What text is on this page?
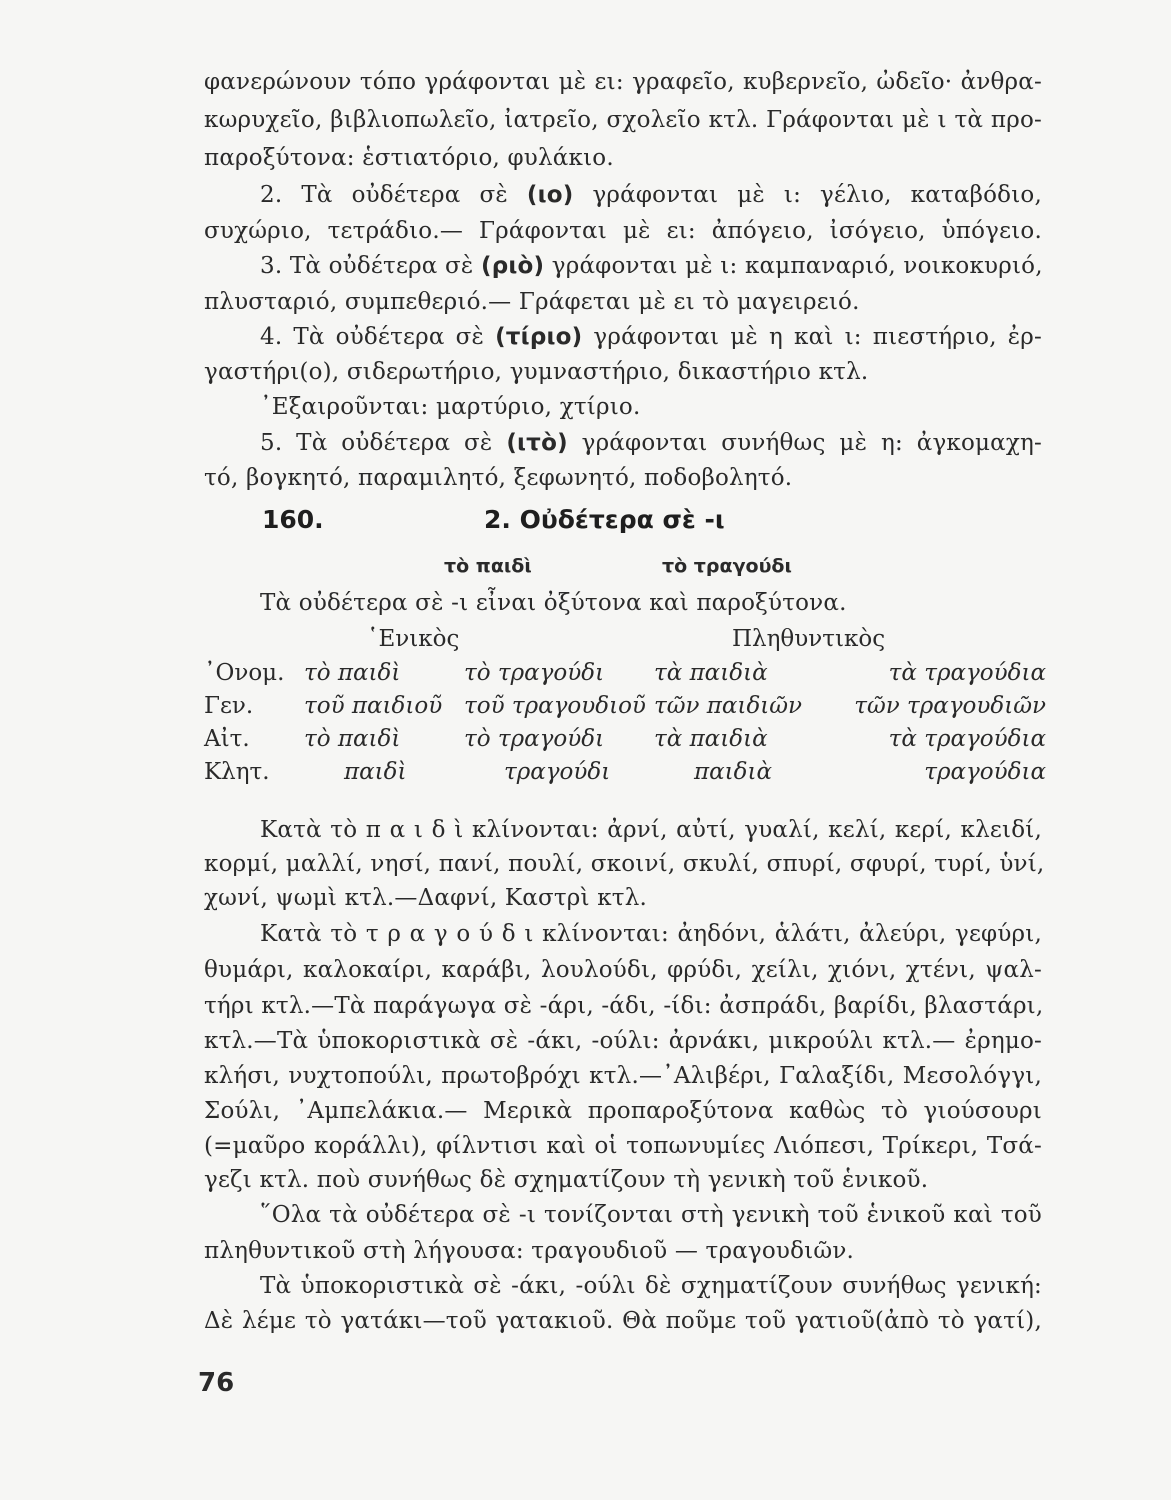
φανερώνουν τόπο γράφονται μὲ ει: γραφεῖο, κυβερνεῖο, ὠδεῖο· ἀνθρα-
κωρυχεῖο, βιβλιοπωλεῖο, ἰατρεῖο, σχολεῖο κτλ. Γράφονται μὲ ι τὰ προ-
παροξύτονα: ἑστιατόριο, φυλάκιο.
2. Τὰ οὐδέτερα σὲ (ιο) γράφονται μὲ ι: γέλιο, καταβόδιο,
συχώριο, τετράδιο.— Γράφονται μὲ ει: ἀπόγειο, ἰσόγειο, ὑπόγειο.
3. Τὰ οὐδέτερα σὲ (ριὸ) γράφονται μὲ ι: καμπαναριό, νοικοκυριό,
πλυσταριό, συμπεθεριό.— Γράφεται μὲ ει τὸ μαγειρειό.
4. Τὰ οὐδέτερα σὲ (τίριο) γράφονται μὲ η καὶ ι: πιεστήριο, ἐρ-
γαστήρι(ο), σιδερωτήριο, γυμναστήριο, δικαστήριο κτλ.
᾿Εξαιροῦνται: μαρτύριο, χτίριο.
5. Τὰ οὐδέτερα σὲ (ιτὸ) γράφονται συνήθως μὲ η: ἀγκομαχη-
τό, βογκητό, παραμιλητό, ξεφωνητό, ποδοβολητό.
160.	2. Οὐδέτερα σὲ -ι
τὸ παιδὶ	τὸ τραγούδι
Τὰ οὐδέτερα σὲ -ι εἶναι ὀξύτονα καὶ παροξύτονα.
῾Ενικὸς	Πληθυντικὸς
᾿Ονομ.	τὸ παιδὶ	τὸ τραγούδι	τὰ παιδιὰ	τὰ τραγούδια
Γεν.	τοῦ παιδιοῦ	τοῦ τραγουδιοῦ	τῶν παιδιῶν	τῶν τραγουδιῶν
Αἰτ.	τὸ παιδὶ	τὸ τραγούδι	τὰ παιδιὰ	τὰ τραγούδια
Κλητ.	παιδὶ	τραγούδι	παιδιὰ	τραγούδια
Κατὰ τὸ π α ι δ ὶ κλίνονται: ἀρνί, αὐτί, γυαλί, κελί, κερί, κλειδί,
κορμί, μαλλί, νησί, πανί, πουλί, σκοινί, σκυλί, σπυρί, σφυρί, τυρί, ὑνί,
χωνί, ψωμὶ κτλ.—Δαφνί, Καστρὶ κτλ.
Κατὰ τὸ τ ρ α γ ο ύ δ ι κλίνονται: ἀηδόνι, ἁλάτι, ἀλεύρι, γεφύρι,
θυμάρι, καλοκαίρι, καράβι, λουλούδι, φρύδι, χείλι, χιόνι, χτένι, ψαλ-
τήρι κτλ.—Τὰ παράγωγα σὲ -άρι, -άδι, -ίδι: ἀσπράδι, βαρίδι, βλαστάρι,
κτλ.—Τὰ ὑποκοριστικὰ σὲ -άκι, -ούλι: ἀρνάκι, μικρούλι κτλ.— ἐρημο-
κλήσι, νυχτοπούλι, πρωτοβρόχι κτλ.—᾿Αλιβέρι, Γαλαξίδι, Μεσολόγγι,
Σούλι, ᾿Αμπελάκια.— Μερικὰ προπαροξύτονα καθὼς τὸ γιούσουρι
(=μαῦρο κοράλλι), φίλντισι καὶ οἱ τοπωνυμίες Λιόπεσι, Τρίκερι, Τσά-
γεζι κτλ. ποὺ συνήθως δὲ σχηματίζουν τὴ γενικὴ τοῦ ἑνικοῦ.
῞Ολα τὰ οὐδέτερα σὲ -ι τονίζονται στὴ γενικὴ τοῦ ἑνικοῦ καὶ τοῦ
πληθυντικοῦ στὴ λήγουσα: τραγουδιοῦ — τραγουδιῶν.
Τὰ ὑποκοριστικὰ σὲ -άκι, -ούλι δὲ σχηματίζουν συνήθως γενική:
Δὲ λέμε τὸ γατάκι—τοῦ γατακιοῦ. Θὰ ποῦμε τοῦ γατιοῦ(ἀπὸ τὸ γατί),
76
